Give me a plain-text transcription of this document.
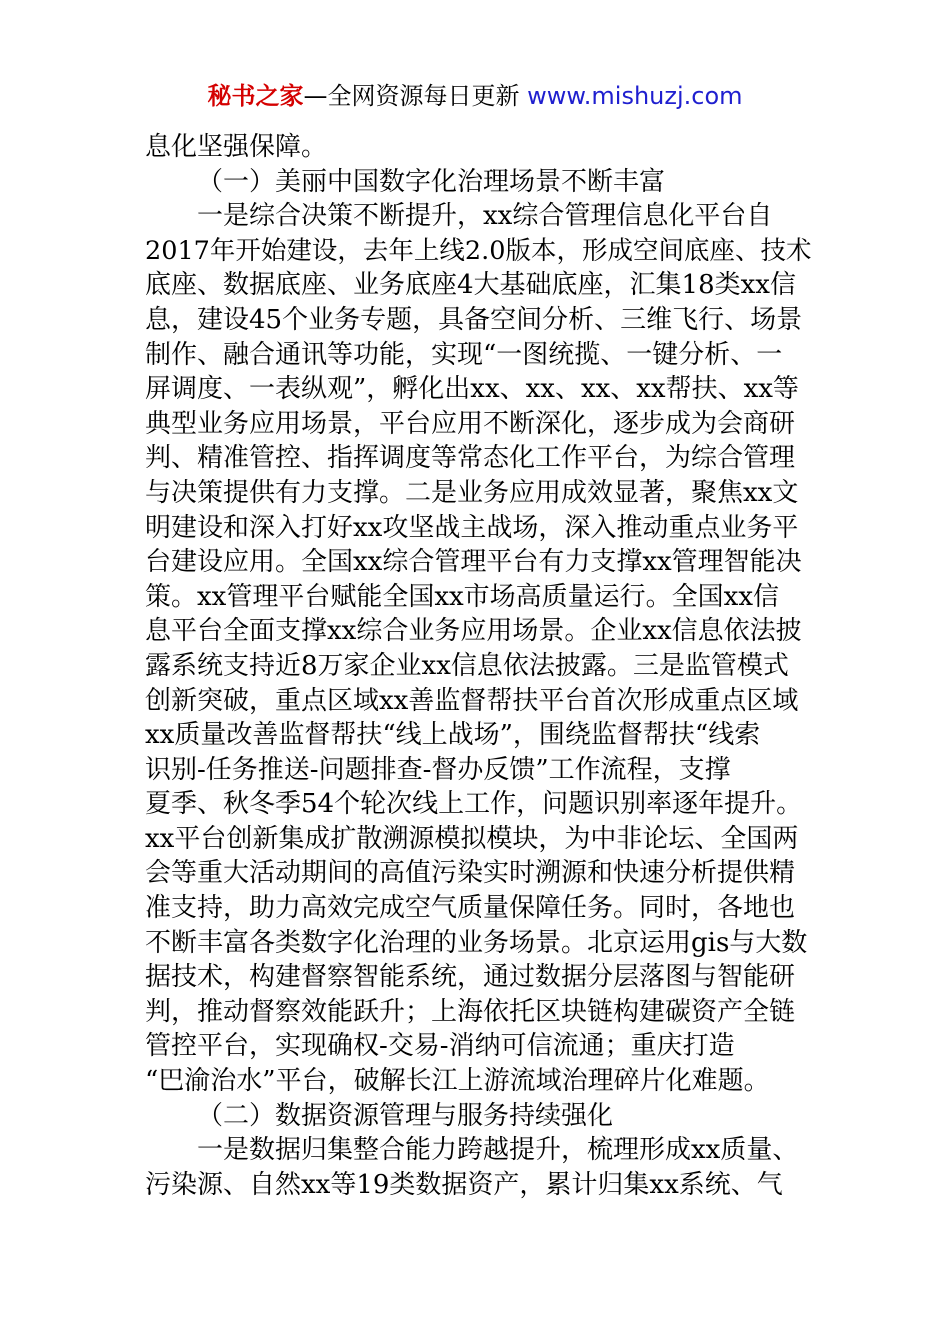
秘书之家—全网资源每日更新 www.mishuzj.com
息化坚强保障。
（一）美丽中国数字化治理场景不断丰富
一是综合决策不断提升，xx综合管理信息化平台自
2017年开始建设，去年上线2.0版本，形成空间底座、技术
底座、数据底座、业务底座4大基础底座，汇集18类xx信
息，建设45个业务专题，具备空间分析、三维飞行、场景
制作、融合通讯等功能，实现“一图统揽、一键分析、一
屏调度、一表纵观”，孵化出xx、xx、xx、xx帮扶、xx等
典型业务应用场景，平台应用不断深化，逐步成为会商研
判、精准管控、指挥调度等常态化工作平台，为综合管理
与决策提供有力支撑。二是业务应用成效显著，聚焦xx文
明建设和深入打好xx攻坚战主战场，深入推动重点业务平
台建设应用。全国xx综合管理平台有力支撑xx管理智能决
策。xx管理平台赋能全国xx市场高质量运行。全国xx信
息平台全面支撑xx综合业务应用场景。企业xx信息依法披
露系统支持近8万家企业xx信息依法披露。三是监管模式
创新突破，重点区域xx善监督帮扶平台首次形成重点区域
xx质量改善监督帮扶“线上战场”，围绕监督帮扶“线索
识别-任务推送-问题排查-督办反馈”工作流程，支撑
夏季、秋冬季54个轮次线上工作，问题识别率逐年提升。
xx平台创新集成扩散溯源模拟模块，为中非论坛、全国两
会等重大活动期间的高值污染实时溯源和快速分析提供精
准支持，助力高效完成空气质量保障任务。同时，各地也
不断丰富各类数字化治理的业务场景。北京运用gis与大数
据技术，构建督察智能系统，通过数据分层落图与智能研
判，推动督察效能跃升；上海依托区块链构建碳资产全链
管控平台，实现确权-交易-消纳可信流通；重庆打造
“巴渝治水”平台，破解长江上游流域治理碎片化难题。
（二）数据资源管理与服务持续强化
一是数据归集整合能力跨越提升，梳理形成xx质量、
污染源、自然xx等19类数据资产，累计归集xx系统、气
